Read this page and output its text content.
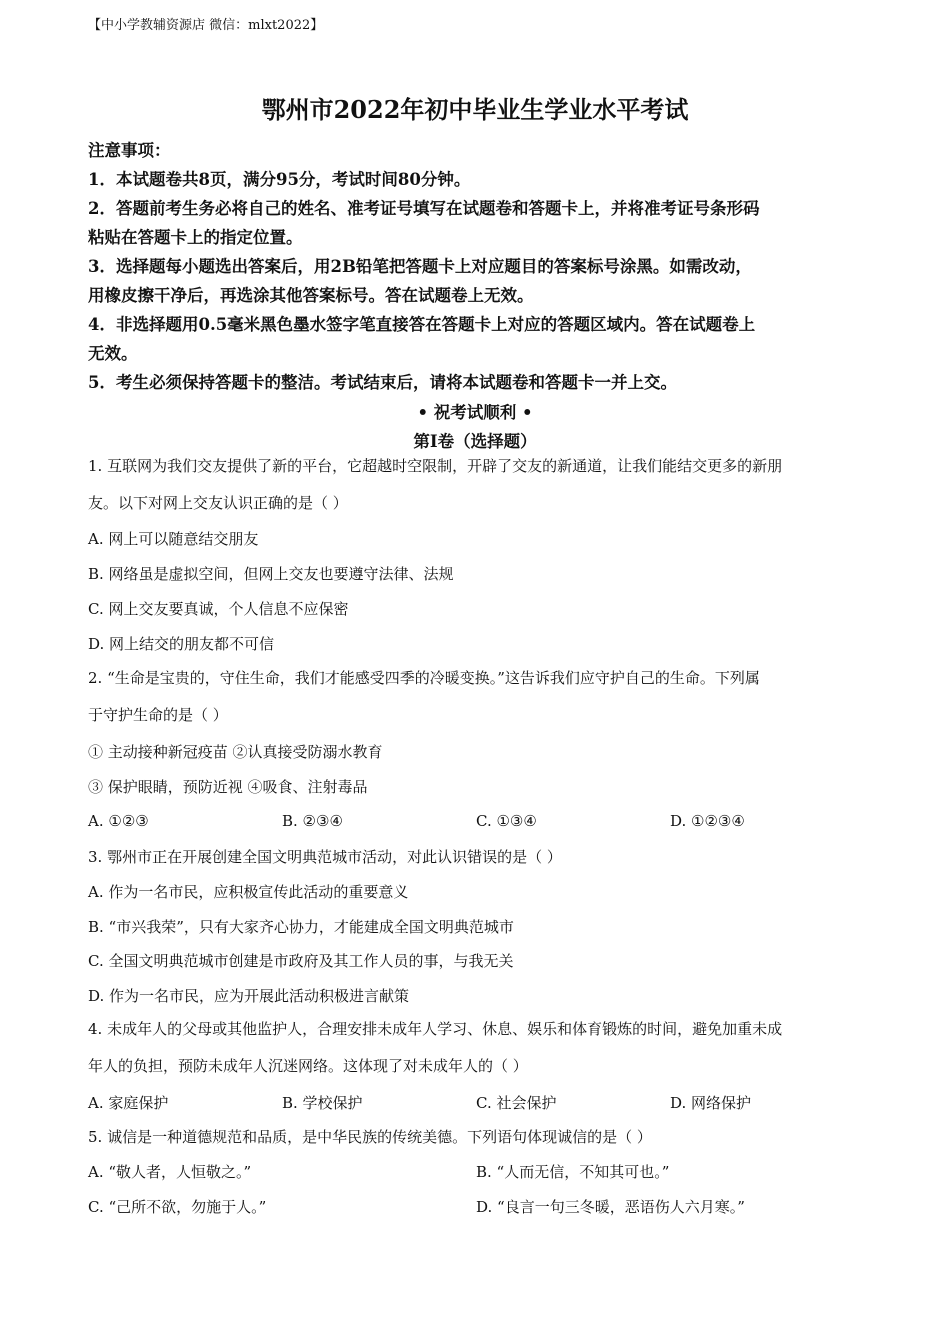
【中小学教辅资源店 微信：mlxt2022】
鄂州市2022年初中毕业生学业水平考试
注意事项：
1．本试题卷共8页，满分95分，考试时间80分钟。
2．答题前考生务必将自己的姓名、准考证号填写在试题卷和答题卡上，并将准考证号条形码
粘贴在答题卡上的指定位置。
3．选择题每小题选出答案后，用2B铅笔把答题卡上对应题目的答案标号涂黑。如需改动，
用橡皮擦干净后，再选涂其他答案标号。答在试题卷上无效。
4．非选择题用0.5毫米黑色墨水签字笔直接答在答题卡上对应的答题区域内。答在试题卷上
无效。
5．考生必须保持答题卡的整洁。考试结束后，请将本试题卷和答题卡一并上交。
• 祝考试顺利 •
第Ⅰ卷（选择题）
1. 互联网为我们交友提供了新的平台，它超越时空限制，开辟了交友的新通道，让我们能结交更多的新朋
友。以下对网上交友认识正确的是（ ）
A. 网上可以随意结交朋友
B. 网络虽是虚拟空间，但网上交友也要遵守法律、法规
C. 网上交友要真诚，个人信息不应保密
D. 网上结交的朋友都不可信
2. “生命是宝贵的，守住生命，我们才能感受四季的冷暖变换。”这告诉我们应守护自己的生命。下列属
于守护生命的是（ ）
① 主动接种新冠疫苗 ②认真接受防溺水教育
③ 保护眼睛，预防近视 ④吸食、注射毒品
A. ①②③	B. ②③④	C. ①③④	D. ①②③④
3. 鄂州市正在开展创建全国文明典范城市活动，对此认识错误的是（ ）
A. 作为一名市民，应积极宣传此活动的重要意义
B. “市兴我荣”，只有大家齐心协力，才能建成全国文明典范城市
C. 全国文明典范城市创建是市政府及其工作人员的事，与我无关
D. 作为一名市民，应为开展此活动积极进言献策
4. 未成年人的父母或其他监护人，合理安排未成年人学习、休息、娱乐和体育锻炼的时间，避免加重未成
年人的负担，预防未成年人沉迷网络。这体现了对未成年人的（ ）
A. 家庭保护	B. 学校保护	C. 社会保护	D. 网络保护
5. 诚信是一种道德规范和品质，是中华民族的传统美德。下列语句体现诚信的是（ ）
A. “敬人者，人恒敬之。”	B. “人而无信，不知其可也。”
C. “己所不欲，勿施于人。”	D. “良言一句三冬暖，恶语伤人六月寒。”
